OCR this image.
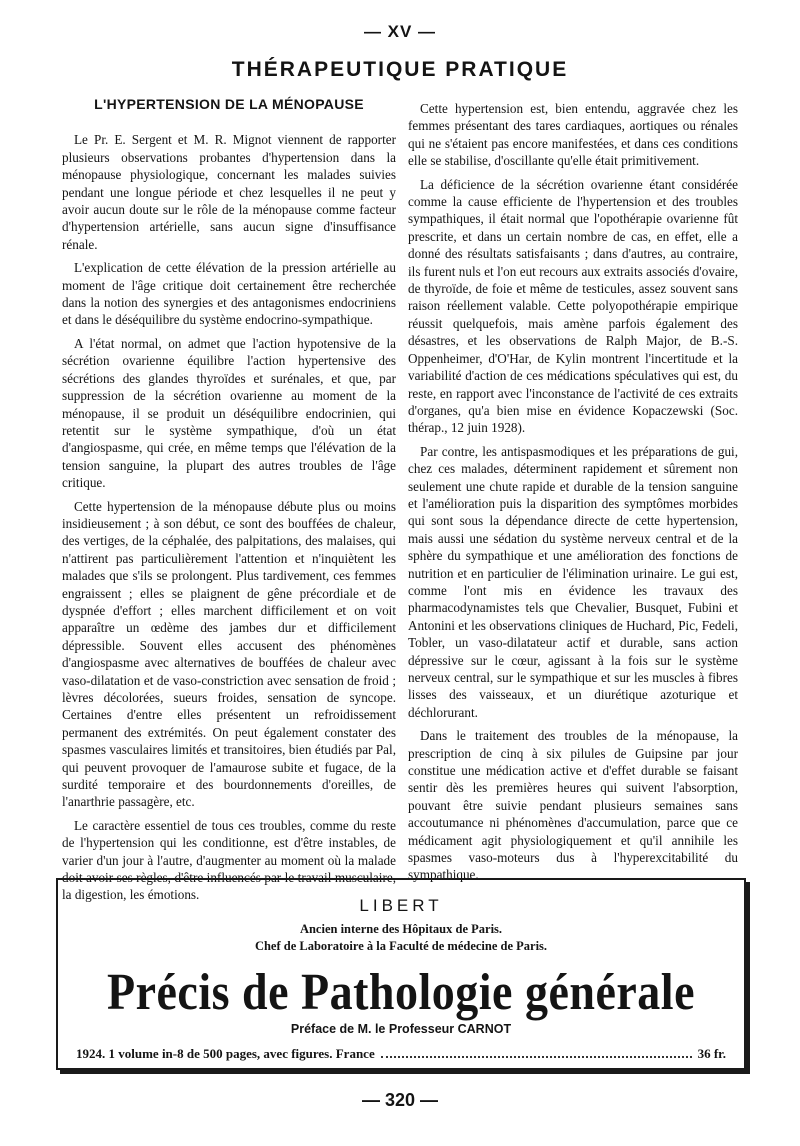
— XV —
THÉRAPEUTIQUE PRATIQUE
L'HYPERTENSION DE LA MÉNOPAUSE

Le Pr. E. Sergent et M. R. Mignot viennent de rapporter plusieurs observations probantes d'hypertension dans la ménopause physiologique, concernant les malades suivies pendant une longue période et chez lesquelles il ne peut y avoir aucun doute sur le rôle de la ménopause comme facteur d'hypertension artérielle, sans aucun signe d'insuffisance rénale.

L'explication de cette élévation de la pression artérielle au moment de l'âge critique doit certainement être recherchée dans la notion des synergies et des antagonismes endocriniens et dans le déséquilibre du système endocrino-sympathique.

A l'état normal, on admet que l'action hypotensive de la sécrétion ovarienne équilibre l'action hypertensive des sécrétions des glandes thyroïdes et surénales, et que, par suppression de la sécrétion ovarienne au moment de la ménopause, il se produit un déséquilibre endocrinien, qui retentit sur le système sympathique, d'où un état d'angiospasme, qui crée, en même temps que l'élévation de la tension sanguine, la plupart des autres troubles de l'âge critique.

Cette hypertension de la ménopause débute plus ou moins insidieusement ; à son début, ce sont des bouffées de chaleur, des vertiges, de la céphalée, des palpitations, des malaises, qui n'attirent pas particulièrement l'attention et n'inquiètent les malades que s'ils se prolongent. Plus tardivement, ces femmes engraissent ; elles se plaignent de gêne précordiale et de dyspnée d'effort ; elles marchent difficilement et on voit apparaître un œdème des jambes dur et difficilement dépressible. Souvent elles accusent des phénomènes d'angiospasme avec alternatives de bouffées de chaleur avec vaso-dilatation et de vaso-constriction avec sensation de froid ; lèvres décolorées, sueurs froides, sensation de syncope. Certaines d'entre elles présentent un refroidissement permanent des extrémités. On peut également constater des spasmes vasculaires limités et transitoires, bien étudiés par Pal, qui peuvent provoquer de l'amaurose subite et fugace, de la surdité temporaire et des bourdonnements d'oreilles, de l'anarthrie passagère, etc.

Le caractère essentiel de tous ces troubles, comme du reste de l'hypertension qui les conditionne, est d'être instables, de varier d'un jour à l'autre, d'augmenter au moment où la malade doit avoir ses règles, d'être influencés par le travail musculaire, la digestion, les émotions.

Cette hypertension est, bien entendu, aggravée chez les femmes présentant des tares cardiaques, aortiques ou rénales qui ne s'étaient pas encore manifestées, et dans ces conditions elle se stabilise, d'oscillante qu'elle était primitivement.

La déficience de la sécrétion ovarienne étant considérée comme la cause efficiente de l'hypertension et des troubles sympathiques, il était normal que l'opothérapie ovarienne fût prescrite, et dans un certain nombre de cas, en effet, elle a donné des résultats satisfaisants ; dans d'autres, au contraire, ils furent nuls et l'on eut recours aux extraits associés d'ovaire, de thyroïde, de foie et même de testicules, assez souvent sans raison réellement valable. Cette polyopothérapie empirique réussit quelquefois, mais amène parfois également des désastres, et les observations de Ralph Major, de B.-S. Oppenheimer, d'O'Har, de Kylin montrent l'incertitude et la variabilité d'action de ces médications spéculatives qui est, du reste, en rapport avec l'inconstance de l'activité de ces extraits d'organes, qu'a bien mise en évidence Kopaczewski (Soc. thérap., 12 juin 1928).

Par contre, les antispasmodiques et les préparations de gui, chez ces malades, déterminent rapidement et sûrement non seulement une chute rapide et durable de la tension sanguine et l'amélioration puis la disparition des symptômes morbides qui sont sous la dépendance directe de cette hypertension, mais aussi une sédation du système nerveux central et de la sphère du sympathique et une amélioration des fonctions de nutrition et en particulier de l'élimination urinaire. Le gui est, comme l'ont mis en évidence les travaux des pharmacodynamistes tels que Chevalier, Busquet, Fubini et Antonini et les observations cliniques de Huchard, Pic, Fedeli, Tobler, un vaso-dilatateur actif et durable, sans action dépressive sur le cœur, agissant à la fois sur le système nerveux central, sur le sympathique et sur les muscles à fibres lisses des vaisseaux, et un diurétique azoturique et déchlorurant.

Dans le traitement des troubles de la ménopause, la prescription de cinq à six pilules de Guipsine par jour constitue une médication active et d'effet durable se faisant sentir dès les premières heures qui suivent l'absorption, pouvant être suivie pendant plusieurs semaines sans accoutumance ni phénomènes d'accumulation, parce que ce médicament agit physiologiquement et qu'il annihile les spasmes vaso-moteurs dus à l'hyperexcitabilité du sympathique.

LIBERT
Ancien interne des Hôpitaux de Paris.
Chef de Laboratoire à la Faculté de médecine de Paris.
Précis de Pathologie générale
Préface de M. le Professeur CARNOT
1924. 1 volume in-8 de 500 pages, avec figures. France	36 fr.
— 320 —
